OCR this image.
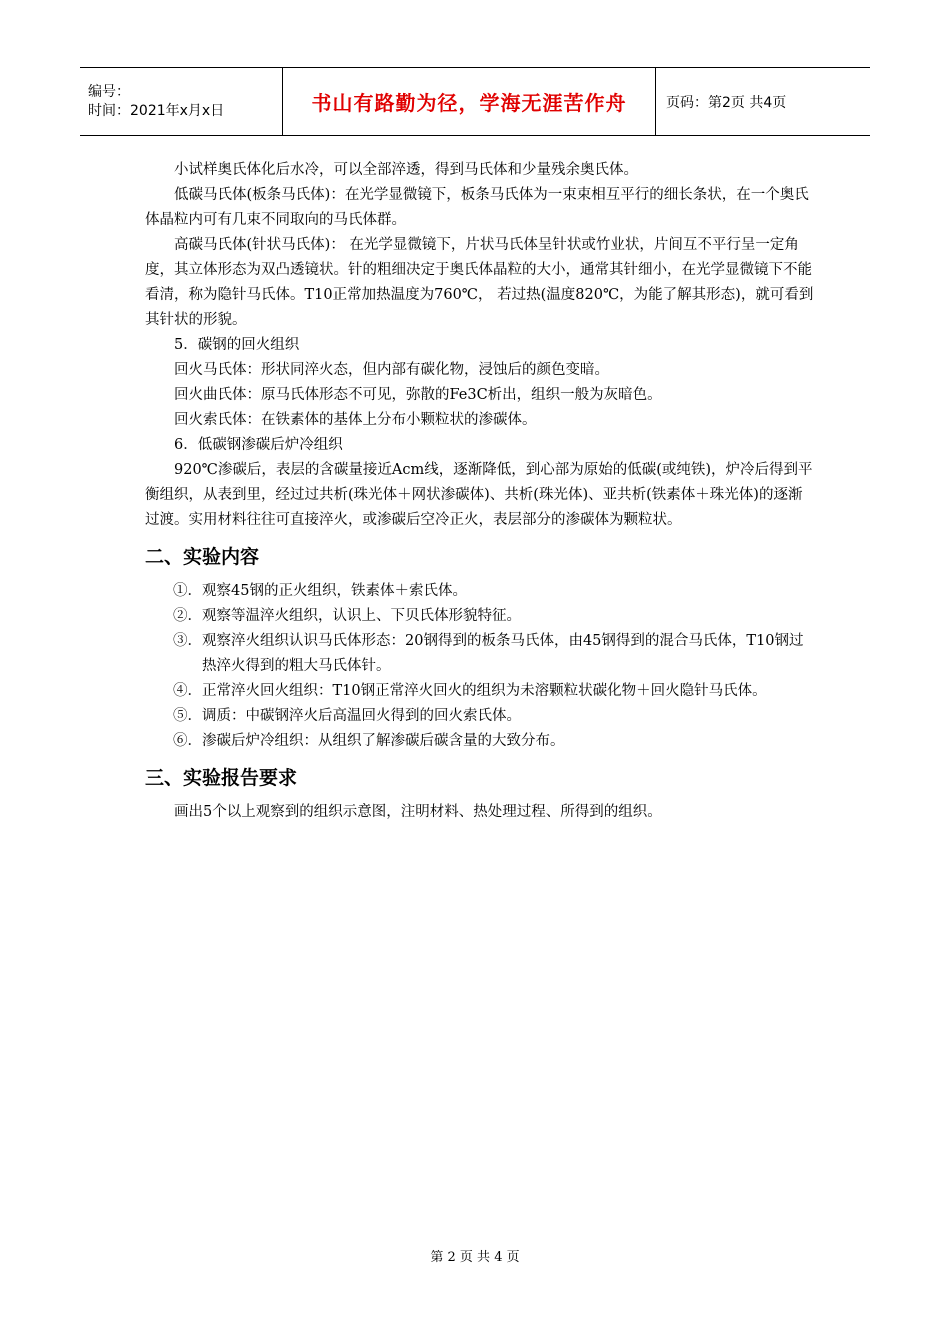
编号：
时间：2021年x月x日	书山有路勤为径，学海无涯苦作舟	页码：第2页 共4页

小试样奥氏体化后水冷，可以全部淬透，得到马氏体和少量残余奥氏体。

低碳马氏体(板条马氏体)：在光学显微镜下，板条马氏体为一束束相互平行的细长条状，在一个奥氏体晶粒内可有几束不同取向的马氏体群。

高碳马氏体(针状马氏体)： 在光学显微镜下，片状马氏体呈针状或竹业状，片间互不平行呈一定角度，其立体形态为双凸透镜状。针的粗细决定于奥氏体晶粒的大小，通常其针细小，在光学显微镜下不能看清，称为隐针马氏体。T10正常加热温度为760℃， 若过热(温度820℃，为能了解其形态)，就可看到其针状的形貌。

5．碳钢的回火组织

回火马氏体：形状同淬火态，但内部有碳化物，浸蚀后的颜色变暗。

回火曲氏体：原马氏体形态不可见，弥散的Fe3C析出，组织一般为灰暗色。

回火索氏体：在铁素体的基体上分布小颗粒状的渗碳体。

6．低碳钢渗碳后炉冷组织

920℃渗碳后，表层的含碳量接近Acm线，逐渐降低，到心部为原始的低碳(或纯铁)，炉冷后得到平衡组织，从表到里，经过过共析(珠光体＋网状渗碳体)、共析(珠光体)、亚共析(铁素体＋珠光体)的逐渐过渡。实用材料往往可直接淬火，或渗碳后空冷正火，表层部分的渗碳体为颗粒状。

二、实验内容

①．观察45钢的正火组织，铁素体＋索氏体。

②．观察等温淬火组织，认识上、下贝氏体形貌特征。

③．观察淬火组织认识马氏体形态：20钢得到的板条马氏体，由45钢得到的混合马氏体，T10钢过热淬火得到的粗大马氏体针。

④．正常淬火回火组织：T10钢正常淬火回火的组织为未溶颗粒状碳化物＋回火隐针马氏体。

⑤．调质：中碳钢淬火后高温回火得到的回火索氏体。

⑥．渗碳后炉冷组织：从组织了解渗碳后碳含量的大致分布。

三、实验报告要求

画出5个以上观察到的组织示意图，注明材料、热处理过程、所得到的组织。

第 2 页 共 4 页
